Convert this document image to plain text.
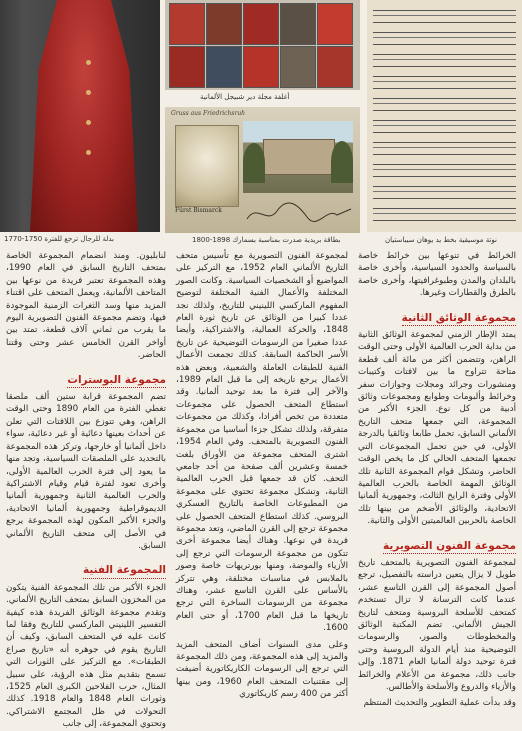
بدلة للرجال ترجع للفترة 1750-1770
أغلفة مجلة دير شبيجل الألمانية
Gruss aus Friedrichsruh
Fürst Bismarck
بطاقة بريدية صدرت بمناسبة بسمارك 1898-1800	نوتة موسيقية بخط يد يوهان سيباستيان

لنابليون. ومنذ انضمام المجموعة الخاصة بمتحف التاريخ السابق في العام 1990، وهذه المجموعة تعتبر فريدة من نوعها بين المتاحف الألمانية، ويعمل المتحف على اقتناء المزيد منها وسد الثغرات الزمنية الموجودة فيها، وتضم مجموعة الفنون التصويرية اليوم ما يقرب من ثماني آلاف قطعة، تمتد بين أواخر القرن الخامس عشر وحتى وقتنا الحاضر.

مجموعة البوسترات

تضم المجموعة قرابة ستين ألف ملصقا تغطي الفترة من العام 1890 وحتى الوقت الراهن، وهي تتوزع بين اللافتات التي تعلن عن أحداث بعينها دعائية أو غير دعائية، سواء داخل ألمانيا أو خارجها، وتركز هذه المجموعة بالتحديد على الملصقات السياسية، وتجد منها ما يعود إلى فترة الحرب العالمية الأولى، وأخرى تعود لفترة قيام وقيام الاشتراكية والحرب العالمية الثانية وجمهورية ألمانيا الديموقراطية وجمهورية ألمانيا الاتحادية، والجزء الأكبر المكون لهذه المجموعة يرجع في الأصل إلى متحف التاريخ الألماني السابق.

المجموعة الفنية

الجزء الأكبر من تلك المجموعة الفنية يتكون من المخزون السابق بمتحف التاريخ الألماني. وتقدم مجموعة الوثائق الفريدة هذه كيفية التفسير اللينيني الماركسي للتاريخ وفقا لما كانت عليه في المتحف السابق، وكيف أن التاريخ يقوم في جوهره أنه «تاريخ صراع الطبقات». مع التركيز على الثورات التي تسمح بتقديم مثل هذه الرؤية، على سبيل المثال، حرب الفلاحين الكبرى العام 1525، وثورات العام 1848 والعام 1918. كذلك التحولات في ظل المجتمع الاشتراكي. وتحتوي المجموعة، إلى جانب

لمجموعة الفنون التصويرية مع تأسيس متحف التاريخ الألماني العام 1952، مع التركيز على المواضيع أو الشخصيات السياسية. وكانت الصور المختلفة والأعمال الفنية المختلفة لتوضيح المفهوم الماركسي اللينيني للتاريخ، ولذلك نجد عددا كبيرا من الوثائق عن تاريخ ثورة العام 1848، والحركة العمالية، والاشتراكية، وأيضا عددا صغيرا من الرسومات التوضيحية عن تاريخ الأسر الحاكمة السابقة. كذلك تجمعت الأعمال الفنية للطبقات العاملة والشعبية، وبعض هذه الأعمال يرجع تاريخه إلى ما قبل العام 1989، والآخر إلى فترة ما بعد توحيد ألمانيا. وقد استطاع المتحف الحصول على مجموعات متعددة من تخص أفرادا، وكذلك من مجموعات متفرقة، ولذلك تشكل جزءا أساسيا من مجموعة الفنون التصويرية بالمتحف. وفي العام 1954، اشترى المتحف مجموعة من الأوراق بلغت خمسة وعشرين ألف صفحة من أحد جامعي التحف. كان قد جمعها قبل الحرب العالمية الثانية، وتشكل مجموعة تحتوي على مجموعة من المطبوعات الخاصة بالتاريخ العسكري البروسي. كذلك استطاع المتحف الحصول على مجموعة ترجع إلى القرن الماضي، وتعد مجموعة فريدة في نوعها. وهناك أيضا مجموعة أخرى تتكون من مجموعة الرسومات التي ترجع إلى الأزياء والموضة، ومنها بورتريهات خاصة وصور بالملابس في مناسبات مختلفة، وهي تتركز بالأساس على القرن التاسع عشر، وهناك مجموعة من الرسومات الساخرة التي ترجع تاريخها ما قبل العام 1700، أو حتى العام 1600.

وعلى مدى السنوات أضاف المتحف المزيد والمزيد إلى هذه المجموعة، ومن ذلك المجموعة التي ترجع إلى الرسومات الكاريكاتورية أضيفت إلى مقتنيات المتحف العام 1960، ومن بينها أكثر من 400 رسم كاريكاتوري

الخرائط في تنوعها بين خرائط خاصة بالسياسة والحدود السياسية، وأخرى خاصة بالبلدان والمدن وطبوغرافيتها، وأخرى خاصة بالطرق والقطارات وغيرها.

مجموعة الوثائق الثانية

يمتد الإطار الزمني لمجموعة الوثائق الثانية من بداية الحرب العالمية الأولى وحتى الوقت الراهن، وتتضمن أكثر من مائة ألف قطعة متاحة تتراوح ما بين لافتات وكتيبات ومنشورات وجرائد ومجلات وجوازات سفر وخرائط وألبومات وطوابع ومجموعات وثائق أدبية من كل نوع. الجزء الأكبر من المجموعة، التي جمعها متحف التاريخ الألماني السابق، تحمل طابعا وثائقيا بالدرجة الأولى، في حين تحمل المجموعات التي تجمعها المتحف الحالي كل ما يخص الوقت الحاضر، وتشكل قوام المجموعة الثانية تلك الوثائق المهمة الخاصة بالحرب العالمية الأولى وفترة الرايخ الثالث، وجمهورية ألمانيا الاتحادية، والوثائق الأضخم من بينها تلك الخاصة بالحربين العالميتين الأولى والثانية.

مجموعة الفنون التصويرية

لمجموعة الفنون التصويرية بالمتحف تاريخ طويل لا يزال يتعين دراسته بالتفصيل، ترجع أصول المجموعة إلى القرن التاسع عشر، عندما كانت الترسانة لا تزال تستخدم كمتحف للأسلحة البروسية ومتحف لتاريخ الجيش الألماني. تضم المكتبة الوثائق والمخطوطات والصور، والرسومات التوضيحية منذ أيام الدولة البروسية وحتى فترة توحيد دولة ألمانيا العام 1871. وإلى جانب ذلك، مجموعة من الأعلام والخرائط والأزياء والدروع والأسلحة والأطالس.

وقد بدأت عملية التطوير والتحديث المنتظم
